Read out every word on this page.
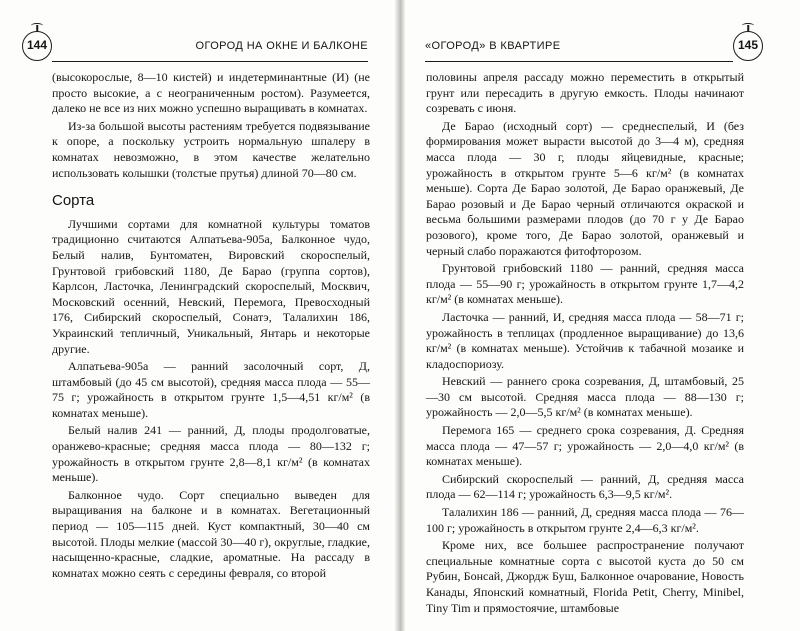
144	ОГОРОД НА ОКНЕ И БАЛКОНЕ

(высокорослые, 8—10 кистей) и индетерминантные (И) (не просто высокие, а с неограниченным ростом). Разумеется, далеко не все из них можно успешно выращивать в комнатах.

Из-за большой высоты растениям требуется подвязывание к опоре, а поскольку устроить нормальную шпалеру в комнатах невозможно, в этом качестве желательно использовать колышки (толстые прутья) длиной 70—80 см.

Сорта

Лучшими сортами для комнатной культуры томатов традиционно считаются Алпатьева-905а, Балконное чудо, Белый налив, Бунтоматен, Вировский скороспелый, Грунтовой грибовский 1180, Де Барао (группа сортов), Карлсон, Ласточка, Ленинградский скороспелый, Москвич, Московский осенний, Невский, Перемога, Превосходный 176, Сибирский скороспелый, Сонатэ, Талалихин 186, Украинский тепличный, Уникальный, Янтарь и некоторые другие.

Алпатьева-905а — ранний засолочный сорт, Д, штамбовый (до 45 см высотой), средняя масса плода — 55—75 г; урожайность в открытом грунте 1,5—4,51 кг/м² (в комнатах меньше).

Белый налив 241 — ранний, Д, плоды продолговатые, оранжево-красные; средняя масса плода — 80—132 г; урожайность в открытом грунте 2,8—8,1 кг/м² (в комнатах меньше).

Балконное чудо. Сорт специально выведен для выращивания на балконе и в комнатах. Вегетационный период — 105—115 дней. Куст компактный, 30—40 см высотой. Плоды мелкие (массой 30—40 г), округлые, гладкие, насыщенно-красные, сладкие, ароматные. На рассаду в комнатах можно сеять с середины февраля, со второй

«ОГОРОД» В КВАРТИРЕ	145

половины апреля рассаду можно переместить в открытый грунт или пересадить в другую емкость. Плоды начинают созревать с июня.

Де Барао (исходный сорт) — среднеспелый, И (без формирования может вырасти высотой до 3—4 м), средняя масса плода — 30 г, плоды яйцевидные, красные; урожайность в открытом грунте 5—6 кг/м² (в комнатах меньше). Сорта Де Барао золотой, Де Барао оранжевый, Де Барао розовый и Де Барао черный отличаются окраской и весьма большими размерами плодов (до 70 г у Де Барао розового), кроме того, Де Барао золотой, оранжевый и черный слабо поражаются фитофторозом.

Грунтовой грибовский 1180 — ранний, средняя масса плода — 55—90 г; урожайность в открытом грунте 1,7—4,2 кг/м² (в комнатах меньше).

Ласточка — ранний, И, средняя масса плода — 58—71 г; урожайность в теплицах (продленное выращивание) до 13,6 кг/м² (в комнатах меньше). Устойчив к табачной мозаике и кладоспориозу.

Невский — раннего срока созревания, Д, штамбовый, 25—30 см высотой. Средняя масса плода — 88—130 г; урожайность — 2,0—5,5 кг/м² (в комнатах меньше).

Перемога 165 — среднего срока созревания, Д. Средняя масса плода — 47—57 г; урожайность — 2,0—4,0 кг/м² (в комнатах меньше).

Сибирский скороспелый — ранний, Д, средняя масса плода — 62—114 г; урожайность 6,3—9,5 кг/м².

Талалихин 186 — ранний, Д, средняя масса плода — 76—100 г; урожайность в открытом грунте 2,4—6,3 кг/м².

Кроме них, все большее распространение получают специальные комнатные сорта с высотой куста до 50 см Рубин, Бонсай, Джордж Буш, Балконное очарование, Новость Канады, Японский комнатный, Florida Petit, Cherry, Minibel, Tiny Tim и прямостоячие, штамбовые
